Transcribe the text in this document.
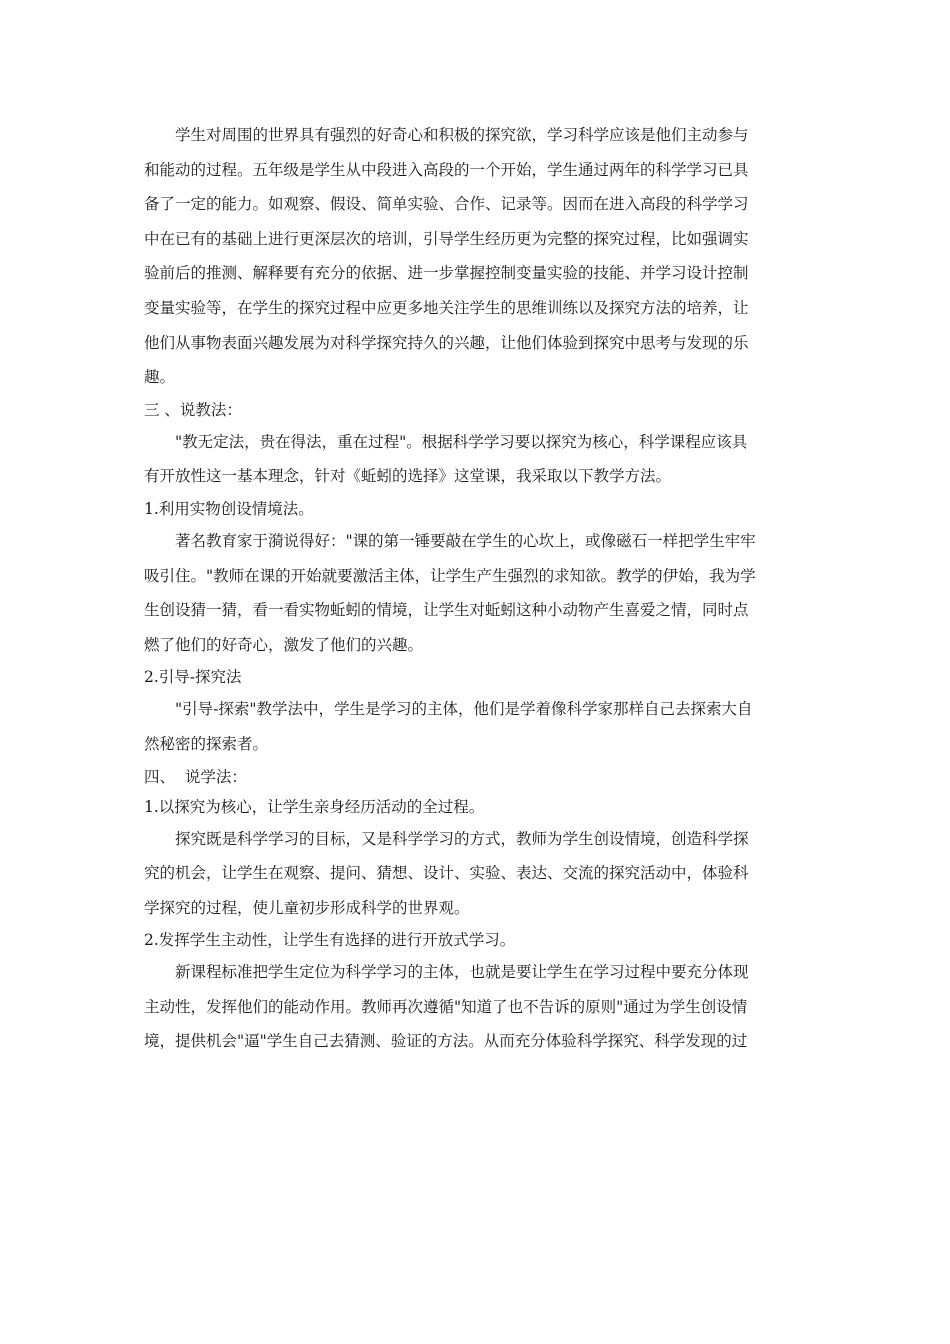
学生对周围的世界具有强烈的好奇心和积极的探究欲，学习科学应该是他们主动参与
和能动的过程。五年级是学生从中段进入高段的一个开始，学生通过两年的科学学习已具
备了一定的能力。如观察、假设、简单实验、合作、记录等。因而在进入高段的科学学习
中在已有的基础上进行更深层次的培训，引导学生经历更为完整的探究过程，比如强调实
验前后的推测、解释要有充分的依据、进一步掌握控制变量实验的技能、并学习设计控制
变量实验等，在学生的探究过程中应更多地关注学生的思维训练以及探究方法的培养，让
他们从事物表面兴趣发展为对科学探究持久的兴趣，让他们体验到探究中思考与发现的乐
趣。

三 、说教法：

"教无定法，贵在得法，重在过程"。根据科学学习要以探究为核心，科学课程应该具
有开放性这一基本理念，针对《蚯蚓的选择》这堂课，我采取以下教学方法。

1.利用实物创设情境法。

著名教育家于漪说得好："课的第一锤要敲在学生的心坎上，或像磁石一样把学生牢牢
吸引住。"教师在课的开始就要激活主体，让学生产生强烈的求知欲。教学的伊始，我为学
生创设猜一猜，看一看实物蚯蚓的情境，让学生对蚯蚓这种小动物产生喜爱之情，同时点
燃了他们的好奇心，激发了他们的兴趣。

2.引导-探究法

"引导-探索"教学法中，学生是学习的主体，他们是学着像科学家那样自己去探索大自
然秘密的探索者。

四、  说学法：

1.以探究为核心，让学生亲身经历活动的全过程。

探究既是科学学习的目标，又是科学学习的方式，教师为学生创设情境，创造科学探
究的机会，让学生在观察、提问、猜想、设计、实验、表达、交流的探究活动中，体验科
学探究的过程，使儿童初步形成科学的世界观。

2.发挥学生主动性，让学生有选择的进行开放式学习。

新课程标准把学生定位为科学学习的主体，也就是要让学生在学习过程中要充分体现
主动性，发挥他们的能动作用。教师再次遵循"知道了也不告诉的原则"通过为学生创设情
境，提供机会"逼"学生自己去猜测、验证的方法。从而充分体验科学探究、科学发现的过
